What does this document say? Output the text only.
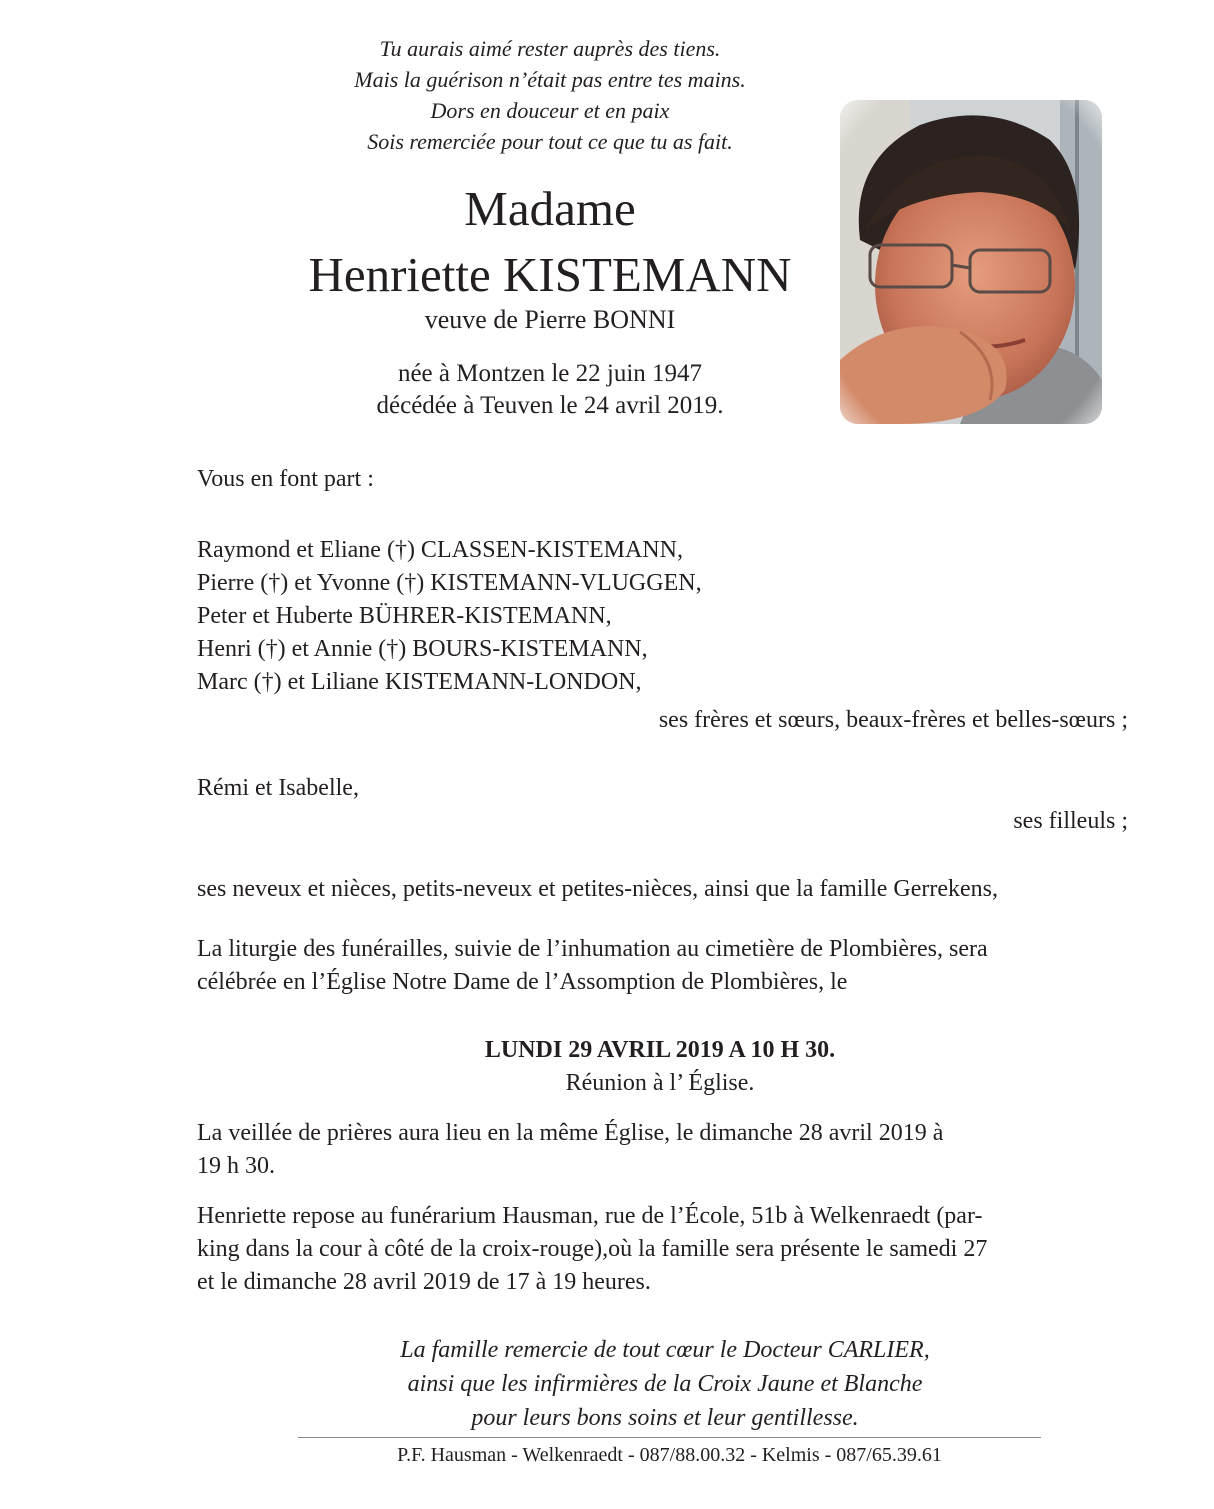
Tu aurais aimé rester auprès des tiens.
Mais la guérison n’était pas entre tes mains.
Dors en douceur et en paix
Sois remerciée pour tout ce que tu as fait.
Madame
Henriette KISTEMANN
veuve de Pierre BONNI
née à Montzen le 22 juin 1947
décédée à Teuven le 24 avril 2019.
Vous en font part :
Raymond et Eliane (†) CLASSEN-KISTEMANN,
Pierre (†) et Yvonne (†) KISTEMANN-VLUGGEN,
Peter et Huberte BÜHRER-KISTEMANN,
Henri (†) et Annie (†) BOURS-KISTEMANN,
Marc (†) et Liliane KISTEMANN-LONDON,
ses frères et sœurs, beaux-frères et belles-sœurs ;
Rémi et Isabelle,
ses filleuls ;
ses neveux et nièces, petits-neveux et petites-nièces, ainsi que la famille Gerrekens,
La liturgie des funérailles, suivie de l’inhumation au cimetière de Plombières, sera
célébrée en l’Église Notre Dame de l’Assomption de Plombières, le
LUNDI 29 AVRIL 2019 A 10 H 30.
Réunion à l’ Église.
La veillée de prières aura lieu en la même Église, le dimanche 28 avril 2019 à
19 h 30.
Henriette repose au funérarium Hausman, rue de l’École, 51b à Welkenraedt (par-
king dans la cour à côté de la croix-rouge),où la famille sera présente le samedi 27
et le dimanche 28 avril 2019 de 17 à 19 heures.
La famille remercie de tout cœur le Docteur CARLIER,
ainsi que les infirmières de la Croix Jaune et Blanche
pour leurs bons soins et leur gentillesse.
P.F. Hausman - Welkenraedt - 087/88.00.32 - Kelmis - 087/65.39.61
